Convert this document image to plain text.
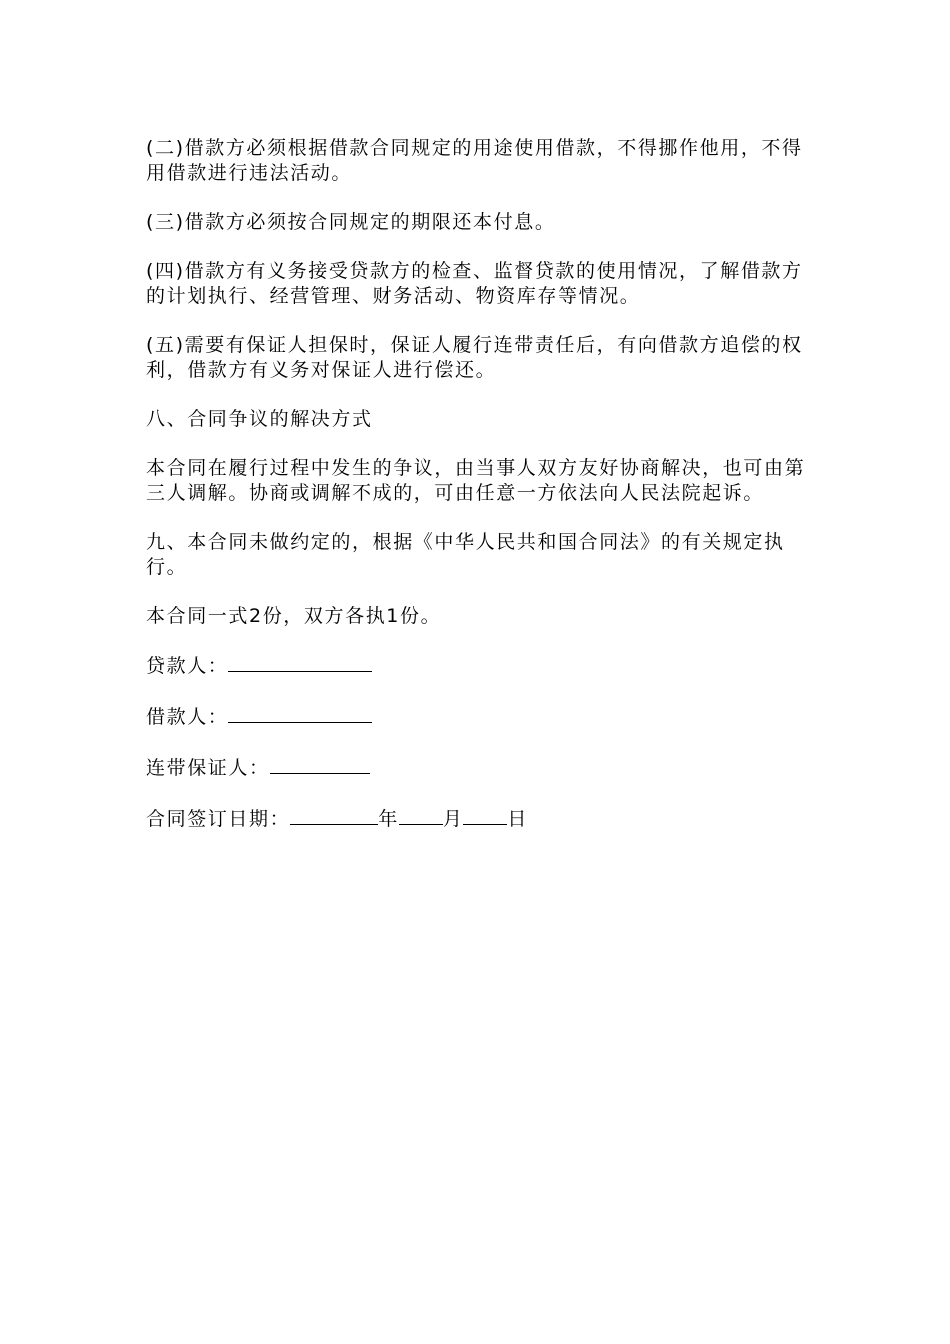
(二)借款方必须根据借款合同规定的用途使用借款，不得挪作他用，不得用借款进行违法活动。

(三)借款方必须按合同规定的期限还本付息。

(四)借款方有义务接受贷款方的检查、监督贷款的使用情况，了解借款方的计划执行、经营管理、财务活动、物资库存等情况。

(五)需要有保证人担保时，保证人履行连带责任后，有向借款方追偿的权利，借款方有义务对保证人进行偿还。

八、合同争议的解决方式

本合同在履行过程中发生的争议，由当事人双方友好协商解决，也可由第三人调解。协商或调解不成的，可由任意一方依法向人民法院起诉。

九、本合同未做约定的，根据《中华人民共和国合同法》的有关规定执行。

本合同一式2份，双方各执1份。

贷款人：

借款人：

连带保证人：

合同签订日期：	年 月 日
